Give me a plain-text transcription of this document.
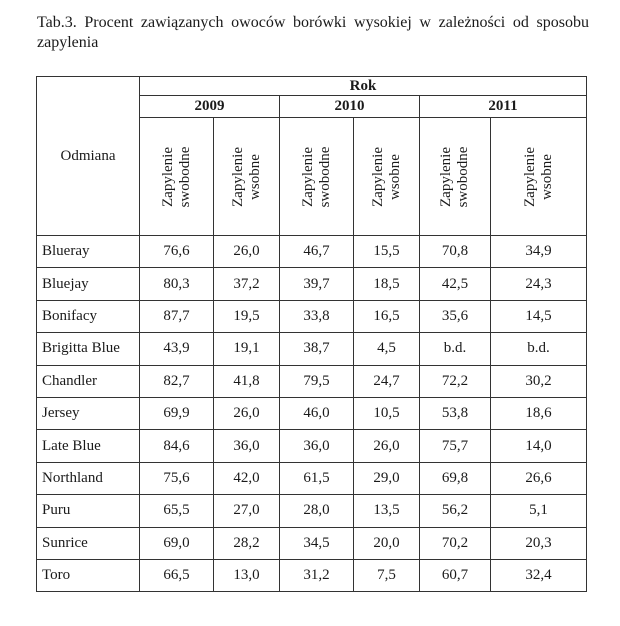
Tab.3. Procent zawiązanych owoców borówki wysokiej w zależności od sposobu zapylenia
Odmiana	Rok					
	2009		2010		2011	

	Zapylenie swobodne	Zapylenie wsobne	Zapylenie swobodne	Zapylenie wsobne	Zapylenie swobodne	Zapylenie wsobne

Blueray	76,6	26,0	46,7	15,5	70,8	34,9
Bluejay	80,3	37,2	39,7	18,5	42,5	24,3
Bonifacy	87,7	19,5	33,8	16,5	35,6	14,5
Brigitta Blue	43,9	19,1	38,7	4,5	b.d.	b.d.
Chandler	82,7	41,8	79,5	24,7	72,2	30,2
Jersey	69,9	26,0	46,0	10,5	53,8	18,6
Late Blue	84,6	36,0	36,0	26,0	75,7	14,0
Northland	75,6	42,0	61,5	29,0	69,8	26,6
Puru	65,5	27,0	28,0	13,5	56,2	5,1
Sunrice	69,0	28,2	34,5	20,0	70,2	20,3
Toro	66,5	13,0	31,2	7,5	60,7	32,4
